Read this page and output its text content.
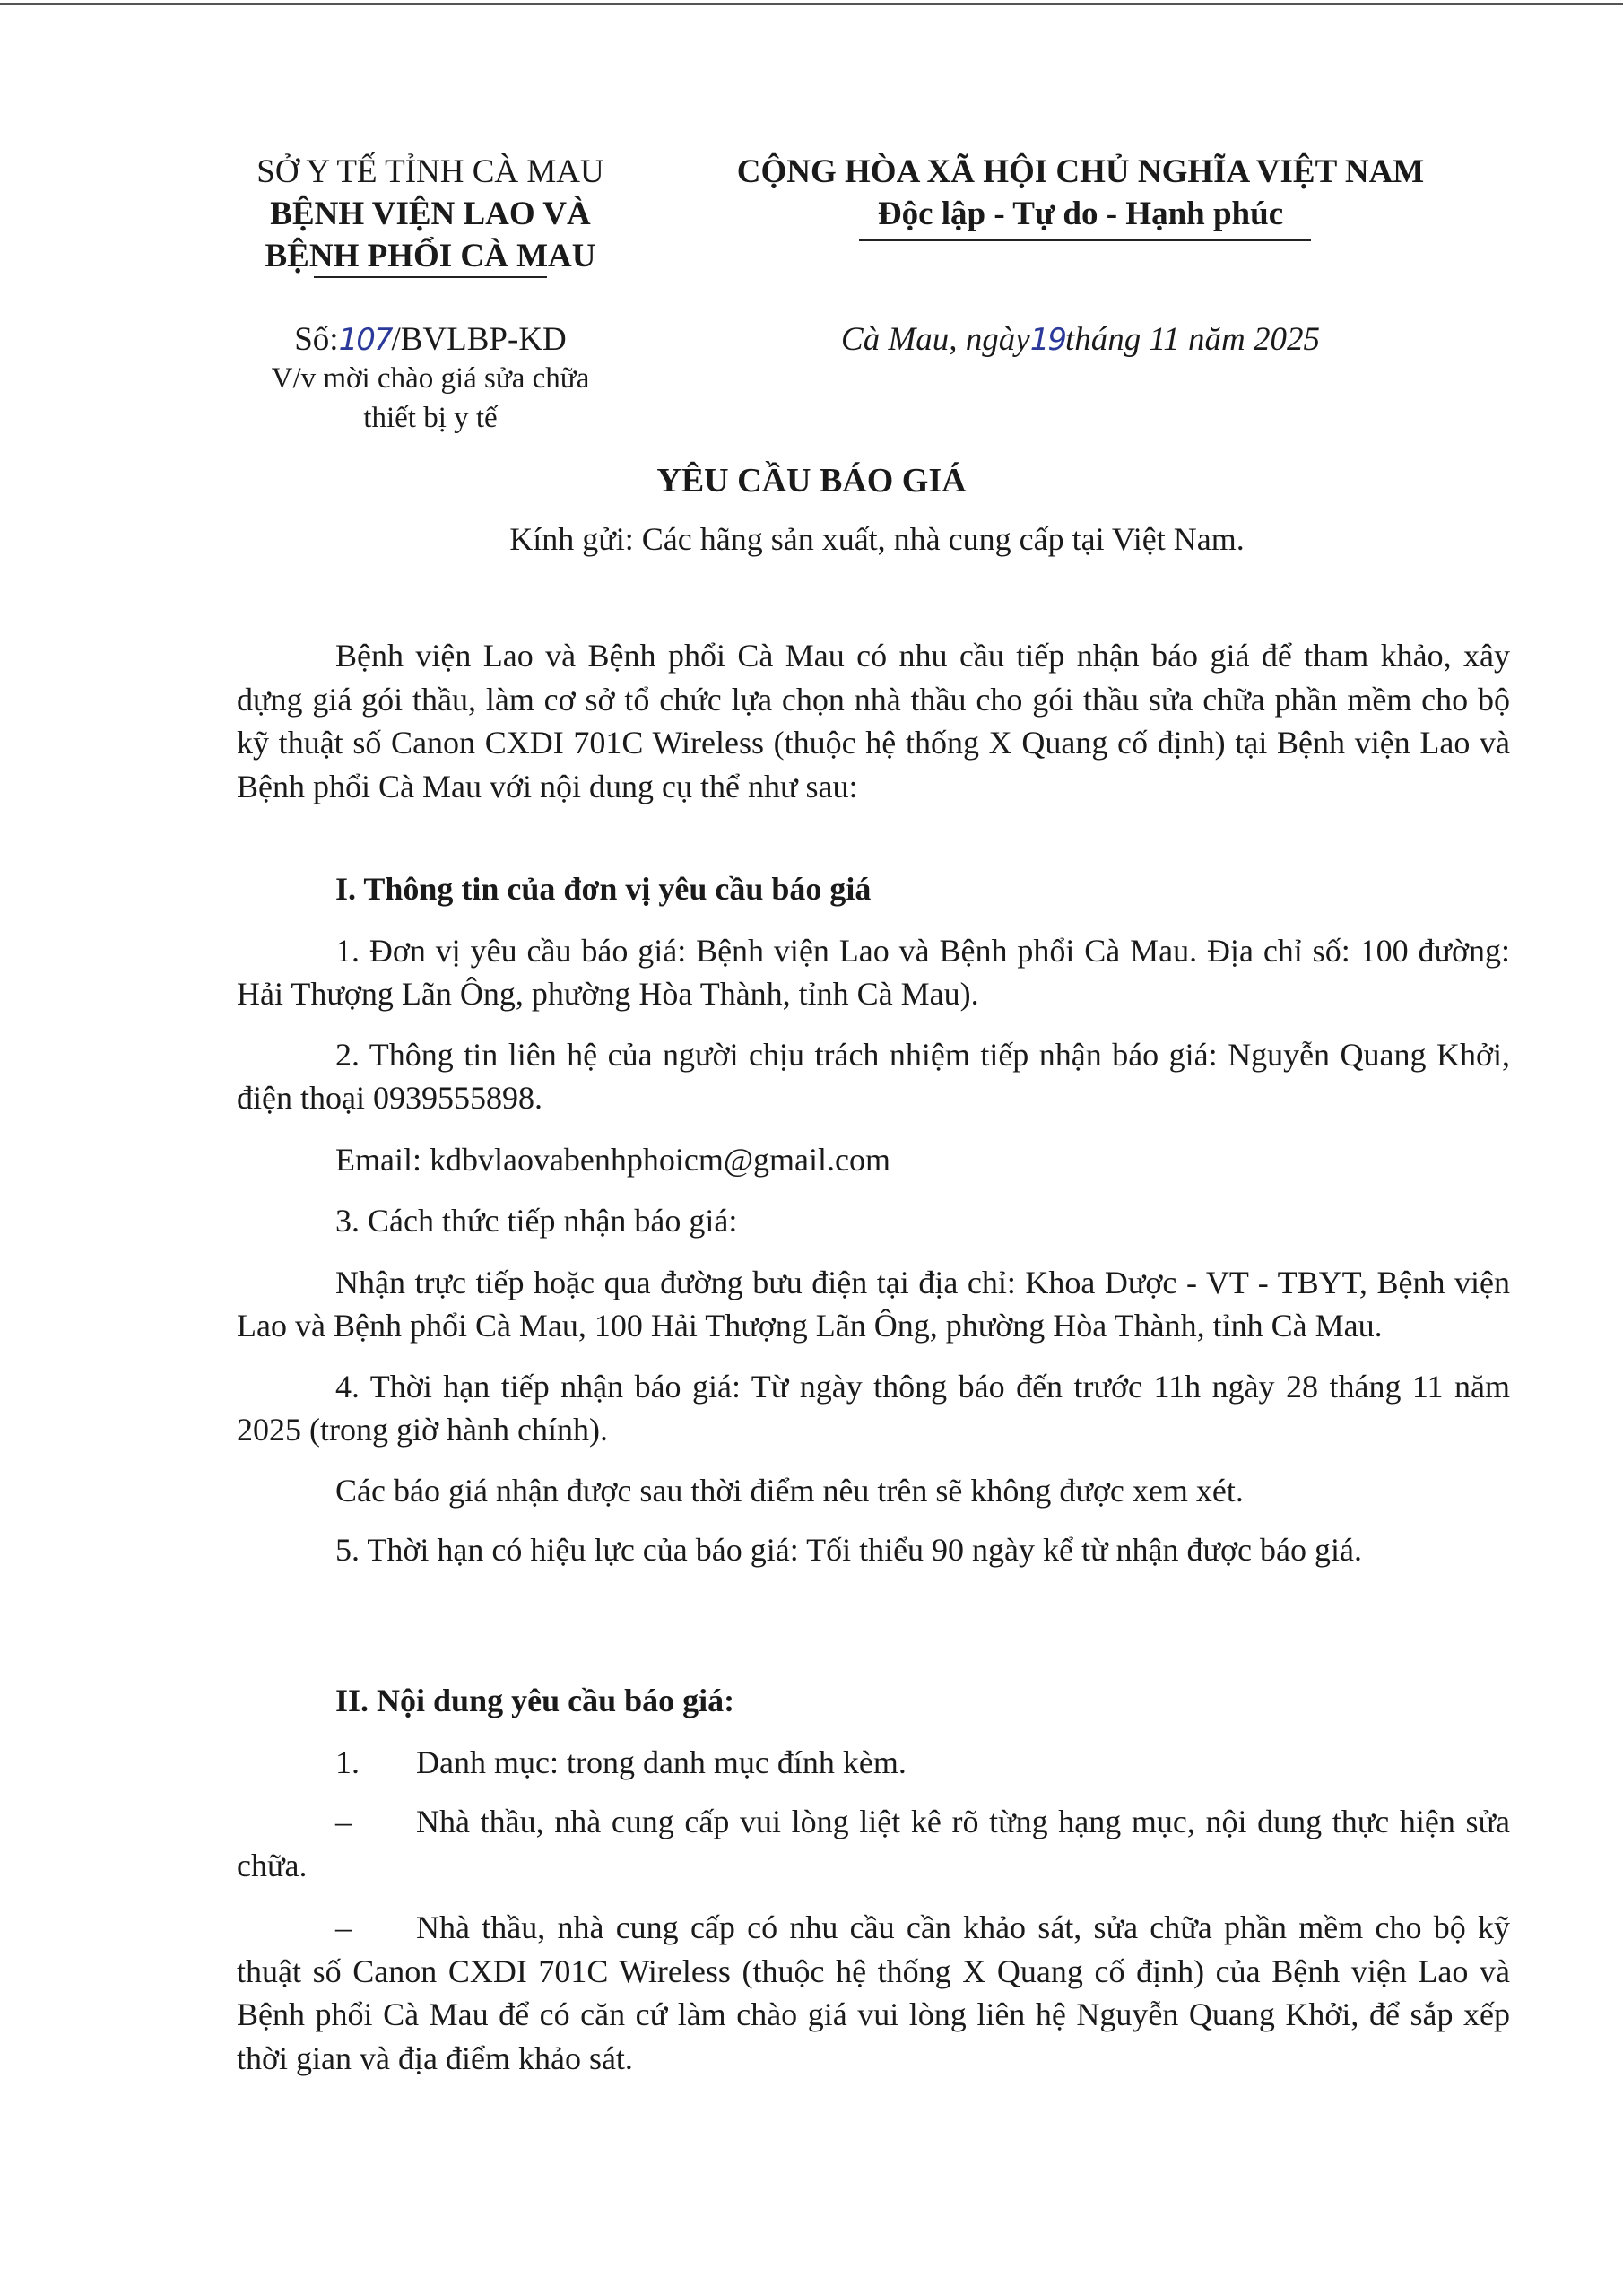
SỞ Y TẾ TỈNH CÀ MAU
BỆNH VIỆN LAO VÀ
BỆNH PHỔI CÀ MAU
Số:107/BVLBP-KD
V/v mời chào giá sửa chữa
thiết bị y tế
CỘNG HÒA XÃ HỘI CHỦ NGHĨA VIỆT NAM
Độc lập - Tự do - Hạnh phúc
Cà Mau, ngày19tháng 11 năm 2025
YÊU CẦU BÁO GIÁ
Kính gửi: Các hãng sản xuất, nhà cung cấp tại Việt Nam.

Bệnh viện Lao và Bệnh phổi Cà Mau có nhu cầu tiếp nhận báo giá để tham khảo, xây dựng giá gói thầu, làm cơ sở tổ chức lựa chọn nhà thầu cho gói thầu sửa chữa phần mềm cho bộ kỹ thuật số Canon CXDI 701C Wireless (thuộc hệ thống X Quang cố định) tại Bệnh viện Lao và Bệnh phổi Cà Mau với nội dung cụ thể như sau:

I. Thông tin của đơn vị yêu cầu báo giá

1. Đơn vị yêu cầu báo giá: Bệnh viện Lao và Bệnh phổi Cà Mau. Địa chỉ số: 100 đường: Hải Thượng Lãn Ông, phường Hòa Thành, tỉnh Cà Mau).

2. Thông tin liên hệ của người chịu trách nhiệm tiếp nhận báo giá: Nguyễn Quang Khởi, điện thoại 0939555898.

Email: kdbvlaovabenhphoicm@gmail.com

3. Cách thức tiếp nhận báo giá:

Nhận trực tiếp hoặc qua đường bưu điện tại địa chỉ: Khoa Dược - VT - TBYT, Bệnh viện Lao và Bệnh phổi Cà Mau, 100 Hải Thượng Lãn Ông, phường Hòa Thành, tỉnh Cà Mau.

4. Thời hạn tiếp nhận báo giá: Từ ngày thông báo đến trước 11h ngày 28 tháng 11 năm 2025 (trong giờ hành chính).

Các báo giá nhận được sau thời điểm nêu trên sẽ không được xem xét.

5. Thời hạn có hiệu lực của báo giá: Tối thiểu 90 ngày kể từ nhận được báo giá.

II. Nội dung yêu cầu báo giá:

1. Danh mục: trong danh mục đính kèm.

– Nhà thầu, nhà cung cấp vui lòng liệt kê rõ từng hạng mục, nội dung thực hiện sửa chữa.

– Nhà thầu, nhà cung cấp có nhu cầu cần khảo sát, sửa chữa phần mềm cho bộ kỹ thuật số Canon CXDI 701C Wireless (thuộc hệ thống X Quang cố định) của Bệnh viện Lao và Bệnh phổi Cà Mau để có căn cứ làm chào giá vui lòng liên hệ Nguyễn Quang Khởi, để sắp xếp thời gian và địa điểm khảo sát.
